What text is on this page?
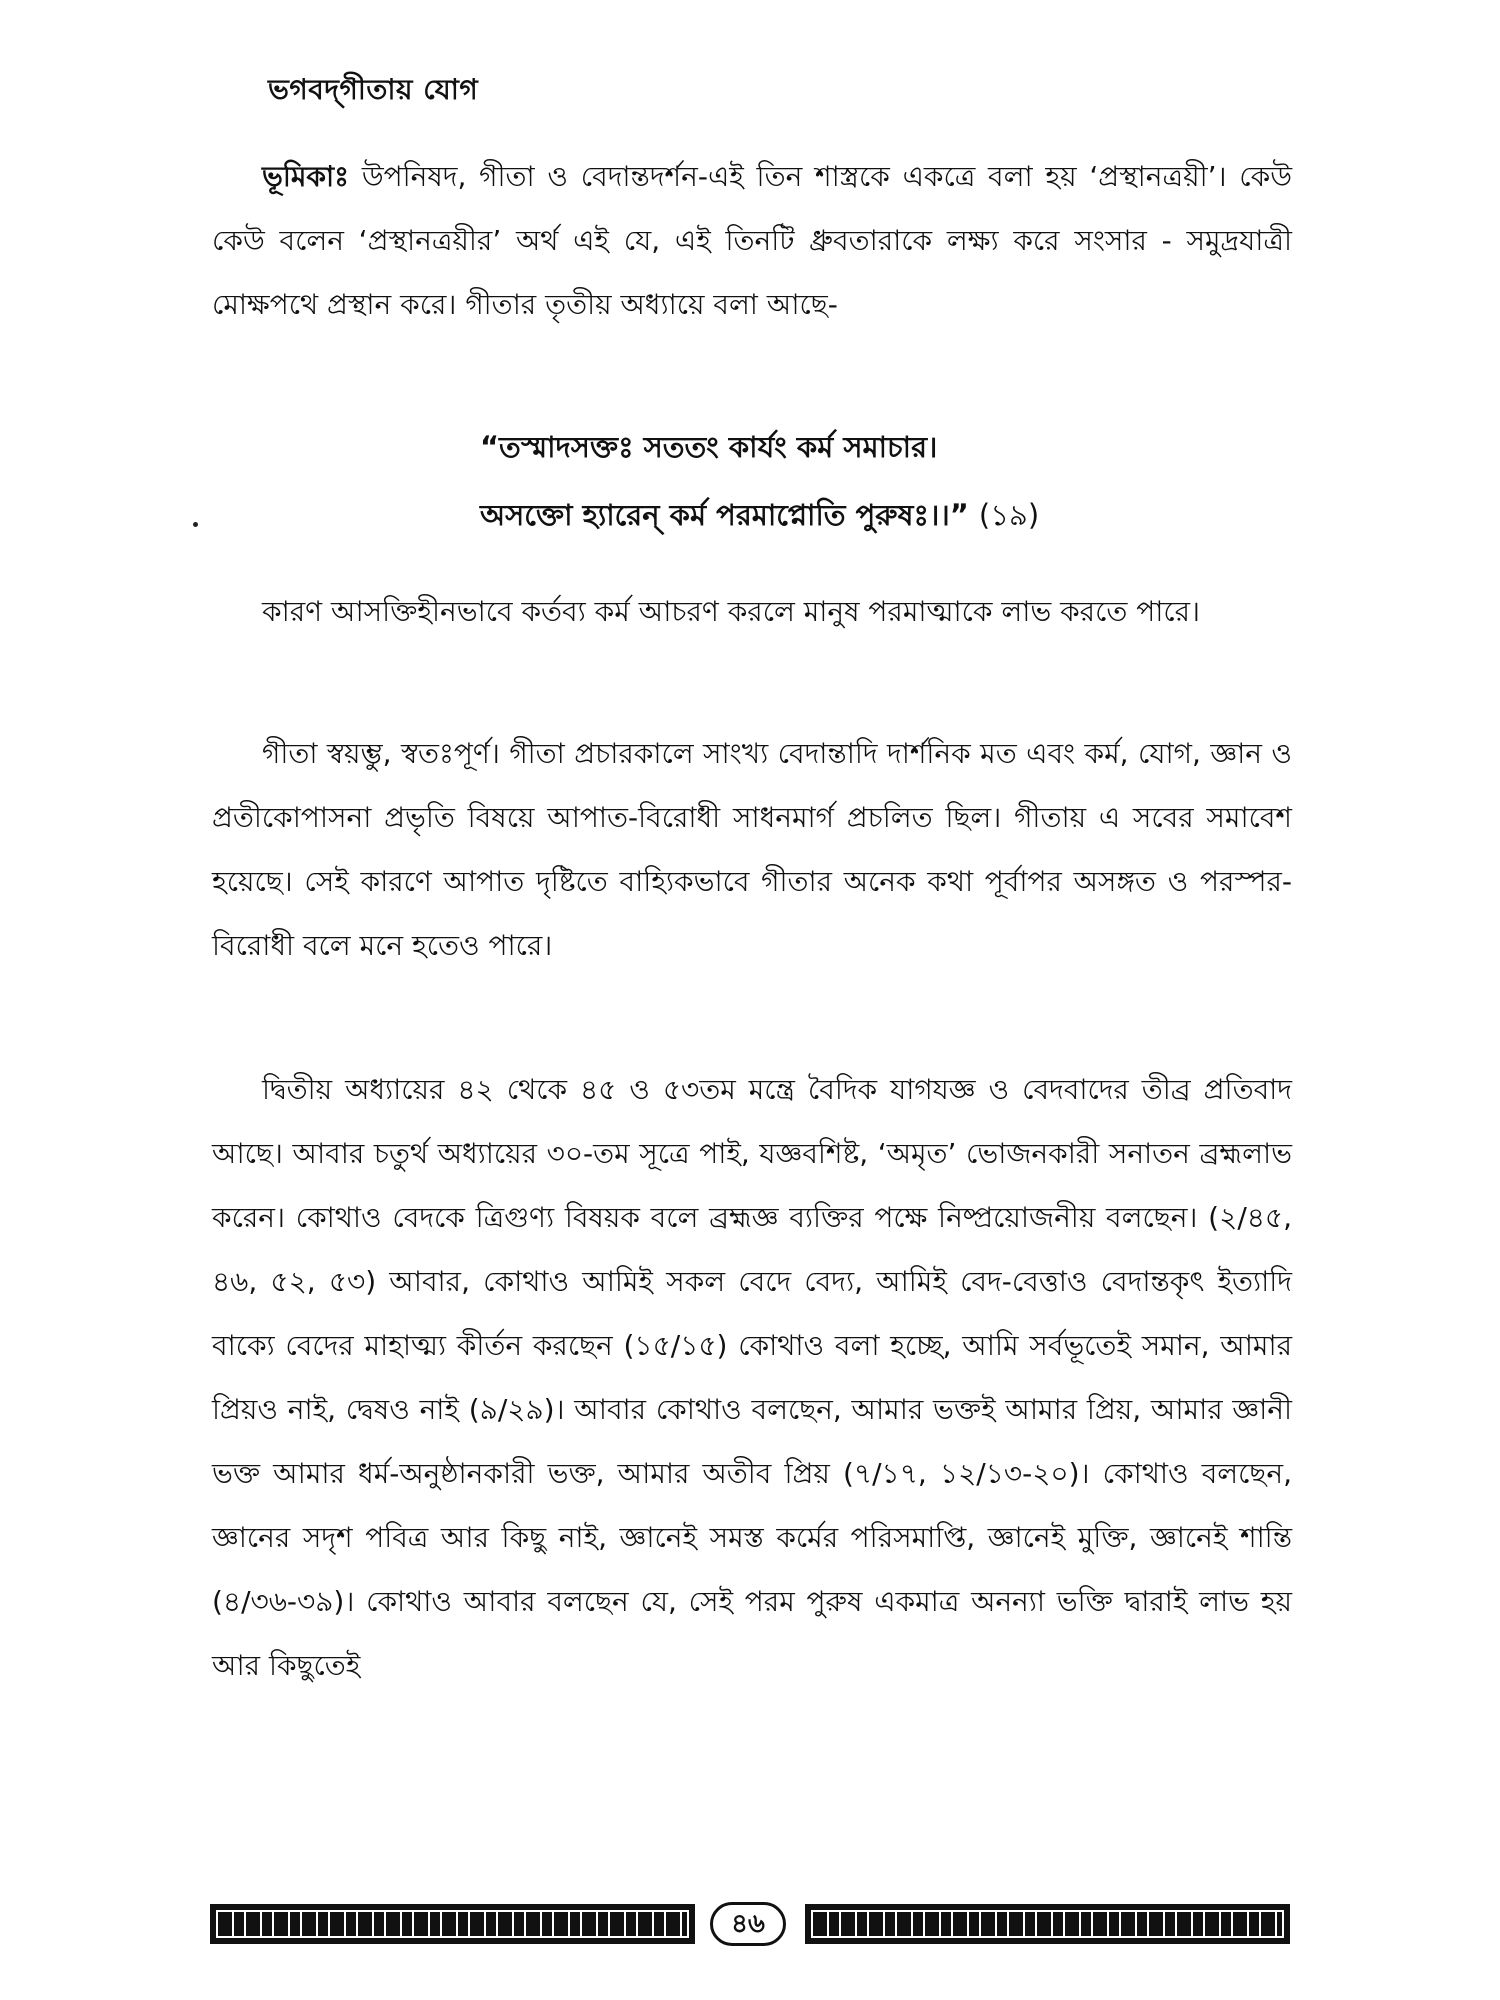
ভগবদ্‌গীতায় যোগ
ভূমিকাঃ উপনিষদ, গীতা ও বেদান্তদর্শন-এই তিন শাস্ত্রকে একত্রে বলা হয় ‘প্রস্থানত্রয়ী’। কেউ কেউ বলেন ‘প্রস্থানত্রয়ীর’ অর্থ এই যে, এই তিনটি ধ্রুবতারাকে লক্ষ্য করে সংসার - সমুদ্রযাত্রী মোক্ষপথে প্রস্থান করে। গীতার তৃতীয় অধ্যায়ে বলা আছে-
“তস্মাদসক্তঃ সততং কার্যং কর্ম সমাচার।
অসক্তো হ্যারেন্ কর্ম পরমাপ্নোতি পুরুষঃ।।” (১৯)
কারণ আসক্তিহীনভাবে কর্তব্য কর্ম আচরণ করলে মানুষ পরমাত্মাকে লাভ করতে পারে।
গীতা স্বয়ম্ভু, স্বতঃপূর্ণ। গীতা প্রচারকালে সাংখ্য বেদান্তাদি দার্শনিক মত এবং কর্ম, যোগ, জ্ঞান ও প্রতীকোপাসনা প্রভৃতি বিষয়ে আপাত-বিরোধী সাধনমার্গ প্রচলিত ছিল। গীতায় এ সবের সমাবেশ হয়েছে। সেই কারণে আপাত দৃষ্টিতে বাহ্যিকভাবে গীতার অনেক কথা পূর্বাপর অসঙ্গত ও পরস্পর-বিরোধী বলে মনে হতেও পারে।
দ্বিতীয় অধ্যায়ের ৪২ থেকে ৪৫ ও ৫৩তম মন্ত্রে বৈদিক যাগযজ্ঞ ও বেদবাদের তীব্র প্রতিবাদ আছে। আবার চতুর্থ অধ্যায়ের ৩০-তম সূত্রে পাই, যজ্ঞবশিষ্ট, ‘অমৃত’ ভোজনকারী সনাতন ব্রহ্মলাভ করেন। কোথাও বেদকে ত্রিগুণ্য বিষয়ক বলে ব্রহ্মজ্ঞ ব্যক্তির পক্ষে নিষ্প্রয়োজনীয় বলছেন। (২/৪৫, ৪৬, ৫২, ৫৩) আবার, কোথাও আমিই সকল বেদে বেদ্য, আমিই বেদ-বেত্তাও বেদান্তকৃৎ ইত্যাদি বাক্যে বেদের মাহাত্ম্য কীর্তন করছেন (১৫/১৫) কোথাও বলা হচ্ছে, আমি সর্বভূতেই সমান, আমার প্রিয়ও নাই, দ্বেষও নাই (৯/২৯)। আবার কোথাও বলছেন, আমার ভক্তই আমার প্রিয়, আমার জ্ঞানী ভক্ত আমার ধর্ম-অনুষ্ঠানকারী ভক্ত, আমার অতীব প্রিয় (৭/১৭, ১২/১৩-২০)। কোথাও বলছেন, জ্ঞানের সদৃশ পবিত্র আর কিছু নাই, জ্ঞানেই সমস্ত কর্মের পরিসমাপ্তি, জ্ঞানেই মুক্তি, জ্ঞানেই শান্তি (৪/৩৬-৩৯)। কোথাও আবার বলছেন যে, সেই পরম পুরুষ একমাত্র অনন্যা ভক্তি দ্বারাই লাভ হয় আর কিছুতেই
৪৬
